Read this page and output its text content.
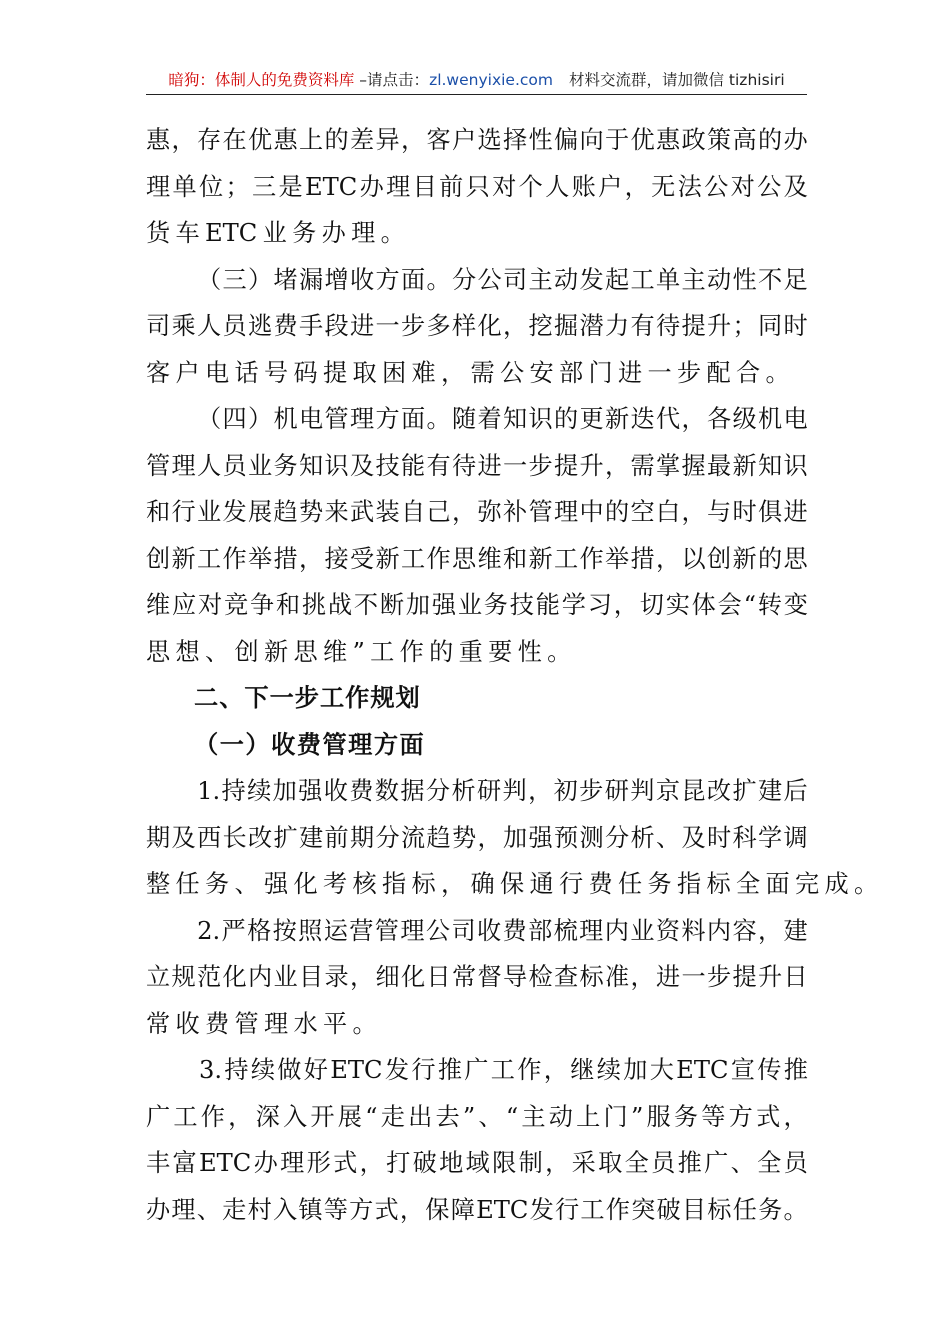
暗狗：体制人的免费资料库 –请点击：zl.wenyixie.com 材料交流群，请加微信 tizhisiri
惠 ， 存 在 优 惠 上 的 差 异 ， 客 户 选 择 性 偏 向 于 优 惠 政 策 高 的 办
理 单 位 ； 三 是 ETC 办 理 目 前 只 对 个 人 账 户 ， 无 法 公 对 公 及
货 车 ETC 业 务 办 理 。

（ 三 ） 堵 漏 增 收 方 面 。 分 公 司 主 动 发 起 工 单 主 动 性 不 足
司 乘 人 员 逃 费 手 段 进 一 步 多 样 化 ， 挖 掘 潜 力 有 待 提 升 ； 同 时
客 户 电 话 号 码 提 取 困 难 ， 需 公 安 部 门 进 一 步 配 合 。

（ 四 ） 机 电 管 理 方 面 。 随 着 知 识 的 更 新 迭 代 ， 各 级 机 电
管 理 人 员 业 务 知 识 及 技 能 有 待 进 一 步 提 升 ， 需 掌 握 最 新 知 识
和 行 业 发 展 趋 势 来 武 装 自 己 ， 弥 补 管 理 中 的 空 白 ， 与 时 俱 进
创 新 工 作 举 措 ， 接 受 新 工 作 思 维 和 新 工 作 举 措 ， 以 创 新 的 思
维 应 对 竞 争 和 挑 战 不 断 加 强 业 务 技 能 学 习 ， 切 实 体 会 “ 转 变
思 想 、 创 新 思 维 ” 工 作 的 重 要 性 。
二、下一步工作规划
（一）收费管理方面

1. 持 续 加 强 收 费 数 据 分 析 研 判 ， 初 步 研 判 京 昆 改 扩 建 后
期 及 西 长 改 扩 建 前 期 分 流 趋 势 ， 加 强 预 测 分 析 、 及 时 科 学 调
整 任 务 、 强 化 考 核 指 标 ， 确 保 通 行 费 任 务 指 标 全 面 完 成 。

2. 严 格 按 照 运 营 管 理 公 司 收 费 部 梳 理 内 业 资 料 内 容 ， 建
立 规 范 化 内 业 目 录 ， 细 化 日 常 督 导 检 查 标 准 ， 进 一 步 提 升 日
常 收 费 管 理 水 平 。

3. 持 续 做 好 ETC 发 行 推 广 工 作 ， 继 续 加 大 ETC 宣 传 推
广 工 作 ， 深 入 开 展 “ 走 出 去 ” 、 “ 主 动 上 门 ” 服 务 等 方 式 ，
丰 富 ETC 办 理 形 式 ， 打 破 地 域 限 制 ， 采 取 全 员 推 广 、 全 员
办 理 、 走 村 入 镇 等 方 式 ， 保 障 ETC 发 行 工 作 突 破 目 标 任 务 。
